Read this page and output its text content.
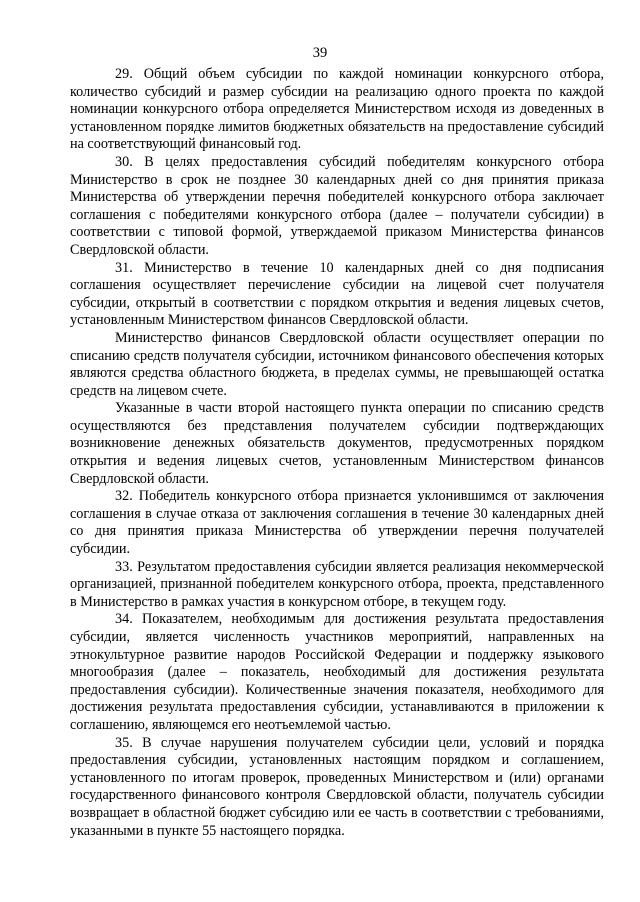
39

29. Общий объем субсидии по каждой номинации конкурсного отбора, количество субсидий и размер субсидии на реализацию одного проекта по каждой номинации конкурсного отбора определяется Министерством исходя из доведенных в установленном порядке лимитов бюджетных обязательств на предоставление субсидий на соответствующий финансовый год.

30. В целях предоставления субсидий победителям конкурсного отбора Министерство в срок не позднее 30 календарных дней со дня принятия приказа Министерства об утверждении перечня победителей конкурсного отбора заключает соглашения с победителями конкурсного отбора (далее – получатели субсидии) в соответствии с типовой формой, утверждаемой приказом Министерства финансов Свердловской области.

31. Министерство в течение 10 календарных дней со дня подписания соглашения осуществляет перечисление субсидии на лицевой счет получателя субсидии, открытый в соответствии с порядком открытия и ведения лицевых счетов, установленным Министерством финансов Свердловской области.

Министерство финансов Свердловской области осуществляет операции по списанию средств получателя субсидии, источником финансового обеспечения которых являются средства областного бюджета, в пределах суммы, не превышающей остатка средств на лицевом счете.

Указанные в части второй настоящего пункта операции по списанию средств осуществляются без представления получателем субсидии подтверждающих возникновение денежных обязательств документов, предусмотренных порядком открытия и ведения лицевых счетов, установленным Министерством финансов Свердловской области.

32. Победитель конкурсного отбора признается уклонившимся от заключения соглашения в случае отказа от заключения соглашения в течение 30 календарных дней со дня принятия приказа Министерства об утверждении перечня получателей субсидии.

33. Результатом предоставления субсидии является реализация некоммерческой организацией, признанной победителем конкурсного отбора, проекта, представленного в Министерство в рамках участия в конкурсном отборе, в текущем году.

34. Показателем, необходимым для достижения результата предоставления субсидии, является численность участников мероприятий, направленных на этнокультурное развитие народов Российской Федерации и поддержку языкового многообразия (далее – показатель, необходимый для достижения результата предоставления субсидии). Количественные значения показателя, необходимого для достижения результата предоставления субсидии, устанавливаются в приложении к соглашению, являющемся его неотъемлемой частью.

35. В случае нарушения получателем субсидии цели, условий и порядка предоставления субсидии, установленных настоящим порядком и соглашением, установленного по итогам проверок, проведенных Министерством и (или) органами государственного финансового контроля Свердловской области, получатель субсидии возвращает в областной бюджет субсидию или ее часть в соответствии с требованиями, указанными в пункте 55 настоящего порядка.
